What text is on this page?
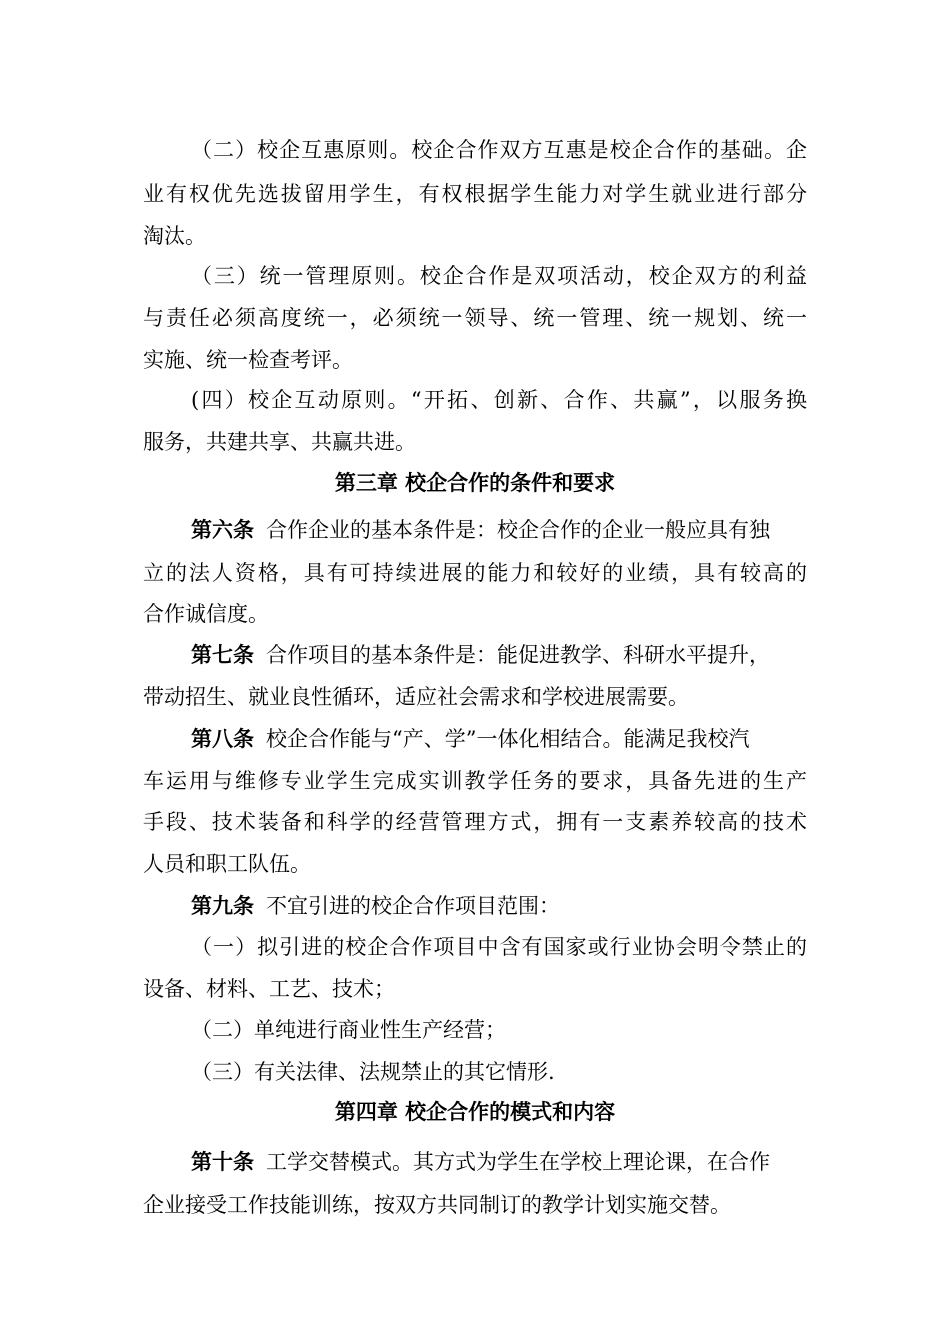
（二）校企互惠原则。校企合作双方互惠是校企合作的基础。企
业有权优先选拔留用学生，有权根据学生能力对学生就业进行部分
淘汰。
（三）统一管理原则。校企合作是双项活动，校企双方的利益
与责任必须高度统一，必须统一领导、统一管理、统一规划、统一
实施、统一检查考评。
(四）校企互动原则。“开拓、创新、合作、共赢”，以服务换
服务，共建共享、共赢共进。
第三章 校企合作的条件和要求
第六条 合作企业的基本条件是：校企合作的企业一般应具有独
立的法人资格，具有可持续进展的能力和较好的业绩，具有较高的
合作诚信度。
第七条 合作项目的基本条件是：能促进教学、科研水平提升，
带动招生、就业良性循环，适应社会需求和学校进展需要。
第八条 校企合作能与“产、学”一体化相结合。能满足我校汽
车运用与维修专业学生完成实训教学任务的要求，具备先进的生产
手段、技术装备和科学的经营管理方式，拥有一支素养较高的技术
人员和职工队伍。
第九条 不宜引进的校企合作项目范围：
（一）拟引进的校企合作项目中含有国家或行业协会明令禁止的
设备、材料、工艺、技术；
（二）单纯进行商业性生产经营；
（三）有关法律、法规禁止的其它情形.
第四章 校企合作的模式和内容
第十条 工学交替模式。其方式为学生在学校上理论课，在合作
企业接受工作技能训练，按双方共同制订的教学计划实施交替。
